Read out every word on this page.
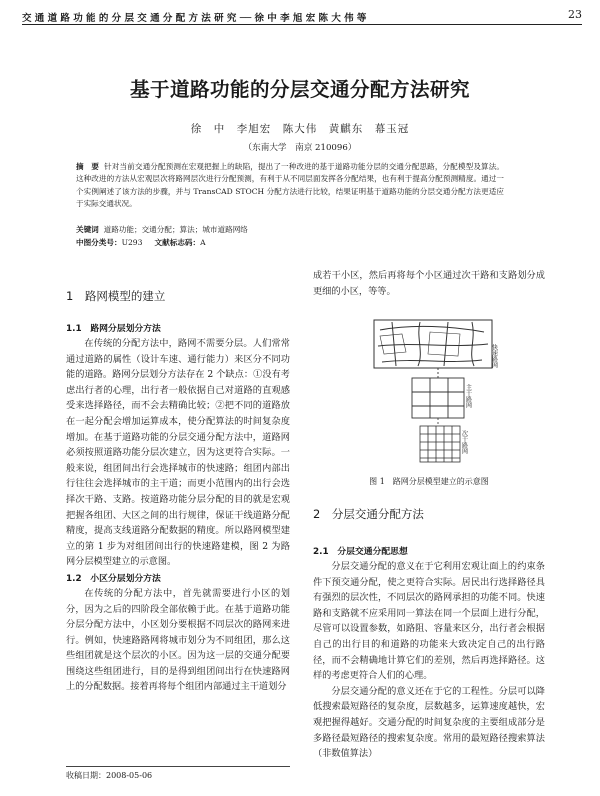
交 通 道 路 功 能 的 分 层 交 通 分 配 方 法 研 究 ── 徐 中 李 旭 宏 陈 大 伟 等	23
基于道路功能的分层交通分配方法研究
徐　中　李旭宏　陈大伟　黄麒东　幕玉冠
（东南大学　南京 210096）
摘　要 针对当前交通分配预测在宏观把握上的缺陷，提出了一种改进的基于道路功能分层的交通分配思路，分配模型及算法。这种改进的方法从宏观层次将路网层次进行分配预测，有利于从不同层面发挥各分配结果，也有利于提高分配预测精度。通过一个实例阐述了该方法的步骤，并与 TransCAD STOCH 分配方法进行比较，结果证明基于道路功能的分层交通分配方法更适应于实际交通状况。
关键词 道路功能；交通分配；算法；城市道路网络
中图分类号：U293 文献标志码：A
1　路网模型的建立
1.1　路网分层划分方法

在传统的分配方法中，路网不需要分层。人们常常通过道路的属性（设计车速、通行能力）来区分不同功能的道路。路网分层划分方法存在 2 个缺点：①没有考虑出行者的心理，出行者一般依据自己对道路的直观感受来选择路径，而不会去精确比较；②把不同的道路放在一起分配会增加运算成本，使分配算法的时间复杂度增加。在基于道路功能的分层交通分配方法中，道路网必须按照道路功能分层次建立，因为这更符合实际。一般来说，组团间出行会选择城市的快速路；组团内部出行往往会选择城市的主干道；而更小范围内的出行会选择次干路、支路。按道路功能分层分配的目的就是宏观把握各组团、大区之间的出行规律，保证干线道路分配精度，提高支线道路分配数据的精度。所以路网模型建立的第 1 步为对组团间出行的快速路建模，图 2 为路网分层模型建立的示意图。

1.2　小区分层划分方法

在传统的分配方法中，首先就需要进行小区的划分，因为之后的四阶段全部依赖于此。在基于道路功能分层分配方法中，小区划分要根据不同层次的路网来进行。例如，快速路路网将城市划分为不同组团，那么这些组团就是这个层次的小区。因为这一层的交通分配要围绕这些组团进行，目的是得到组团间出行在快速路网上的分配数据。接着再将每个组团内部通过主干道划分

成若干小区，然后再将每个小区通过次干路和支路划分成更细的小区，等等。
快速路网
主干路网
次干路网
图 1　路网分层模型建立的示意图
2　分层交通分配方法
2.1　分层交通分配思想

分层交通分配的意义在于它利用宏观让面上的约束条件下预交通分配，使之更符合实际。居民出行选择路径具有强烈的层次性，不同层次的路网承担的功能不同。快速路和支路就不应采用同一算法在同一个层面上进行分配，尽管可以设置参数，如路阻、容量来区分，出行者会根据自己的出行目的和道路的功能来大致决定自己的出行路径，而不会精确地计算它们的差别，然后再选择路径。这样的考虑更符合人们的心理。

分层交通分配的意义还在于它的工程性。分层可以降低搜索最短路径的复杂度，层数越多，运算速度越快，宏观把握得越好。交通分配的时间复杂度的主要组成部分是多路径最短路径的搜索复杂度。常用的最短路径搜索算法（非数值算法）

收稿日期：2008-05-06
